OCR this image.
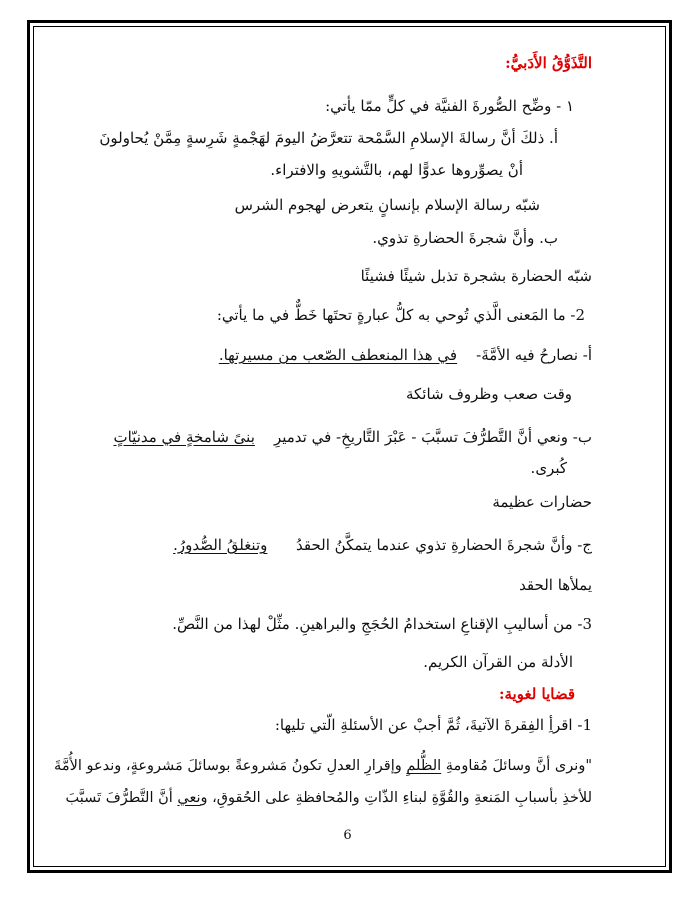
التَّذَوُّقُ الأَدَبيُّ:
١ - وضِّح الصُّورةَ الفنيَّة في كلٍّ ممّا يأتي:
أ. ذلكَ أنَّ رسالةَ الإسلامِ السَّمْحة تتعرَّضُ اليومَ لهَجْمةٍ شَرِسةٍ مِمَّنْ يُحاولونَ
أنْ يصوِّروها عدوًّا لهم، بالتَّشويهِ والافتراء.
شبّه رسالة الإسلام بإنسانٍ يتعرض لهجوم الشرس
ب. وأنَّ شجرةَ الحضارةِ تذوي.
شبّه الحضارة بشجرة تذبل شيئًا فشيئًا
2- ما المَعنى الَّذي تُوحي به كلُّ عبارةٍ تحتَها خَطٌّ في ما يأتي:
أ- نصارحُ فيه الأمَّةَ-    في هذا المنعطف الصّعب من مسيرتها.
وقت صعب وظروف شائكة
ب- ونعي أنَّ التَّطرُّفَ تسبَّبَ - عَبْرَ التَّاريخِ- في تدميرِ    بنىً شامخةٍ في مدنيّاتٍ
كُبرى.
حضارات عظيمة
ج- وأنَّ شجرةَ الحضارةِ تذوي عندما يتمكَّنُ الحقدُ      وتنغلقُ الصُّدورُ.
يملأها الحقد
3- من أساليبِ الإقناعِ استخدامُ الحُجَجِ والبراهينِ. مثِّلْ لهذا من النَّصِّ.
الأدلة من القرآن الكريم.
قضايا لغوية:
1- اقرأِ الفِقرةَ الآتيةَ، ثُمَّ أجبْ عن الأسئلةِ الّتي تليها:
"ونرى أنَّ وسائلَ مُقاومةِ الظُّلمِ وإقرارِ العدلِ تكونُ مَشروعةً بوسائلَ مَشروعةٍ، وندعو الأُمَّةَ
للأخذِ بأسبابِ المَنعةِ والقُوَّةِ لبناءِ الذّاتِ والمُحافظةِ على الحُقوقِ، ونعي أنَّ التَّطرُّفَ تَسبَّبَ
6
